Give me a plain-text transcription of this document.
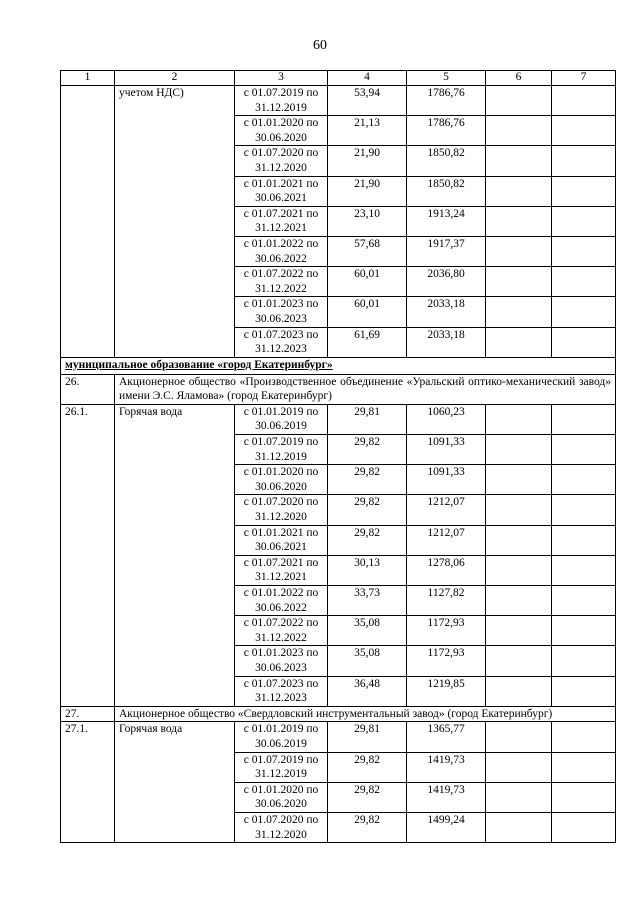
60
1	2	3	4	5	6	7
	учетом НДС)	с 01.07.2019 по 31.12.2019	53,94	1786,76		
		с 01.01.2020 по 30.06.2020	21,13	1786,76		
		с 01.07.2020 по 31.12.2020	21,90	1850,82		
		с 01.01.2021 по 30.06.2021	21,90	1850,82		
		с 01.07.2021 по 31.12.2021	23,10	1913,24		
		с 01.01.2022 по 30.06.2022	57,68	1917,37		
		с 01.07.2022 по 31.12.2022	60,01	2036,80		
		с 01.01.2023 по 30.06.2023	60,01	2033,18		
		с 01.07.2023 по 31.12.2023	61,69	2033,18		
муниципальное образование «город Екатеринбург»						
26.	Акционерное общество «Производственное объединение «Уральский оптико-механический завод» имени Э.С. Яламова» (город Екатеринбург)					
26.1.	Горячая вода	с 01.01.2019 по 30.06.2019	29,81	1060,23		
		с 01.07.2019 по 31.12.2019	29,82	1091,33		
		с 01.01.2020 по 30.06.2020	29,82	1091,33		
		с 01.07.2020 по 31.12.2020	29,82	1212,07		
		с 01.01.2021 по 30.06.2021	29,82	1212,07		
		с 01.07.2021 по 31.12.2021	30,13	1278,06		
		с 01.01.2022 по 30.06.2022	33,73	1127,82		
		с 01.07.2022 по 31.12.2022	35,08	1172,93		
		с 01.01.2023 по 30.06.2023	35,08	1172,93		
		с 01.07.2023 по 31.12.2023	36,48	1219,85		
27.	Акционерное общество «Свердловский инструментальный завод» (город Екатеринбург)					
27.1.	Горячая вода	с 01.01.2019 по 30.06.2019	29,81	1365,77		
		с 01.07.2019 по 31.12.2019	29,82	1419,73		
		с 01.01.2020 по 30.06.2020	29,82	1419,73		
		с 01.07.2020 по 31.12.2020	29,82	1499,24		
